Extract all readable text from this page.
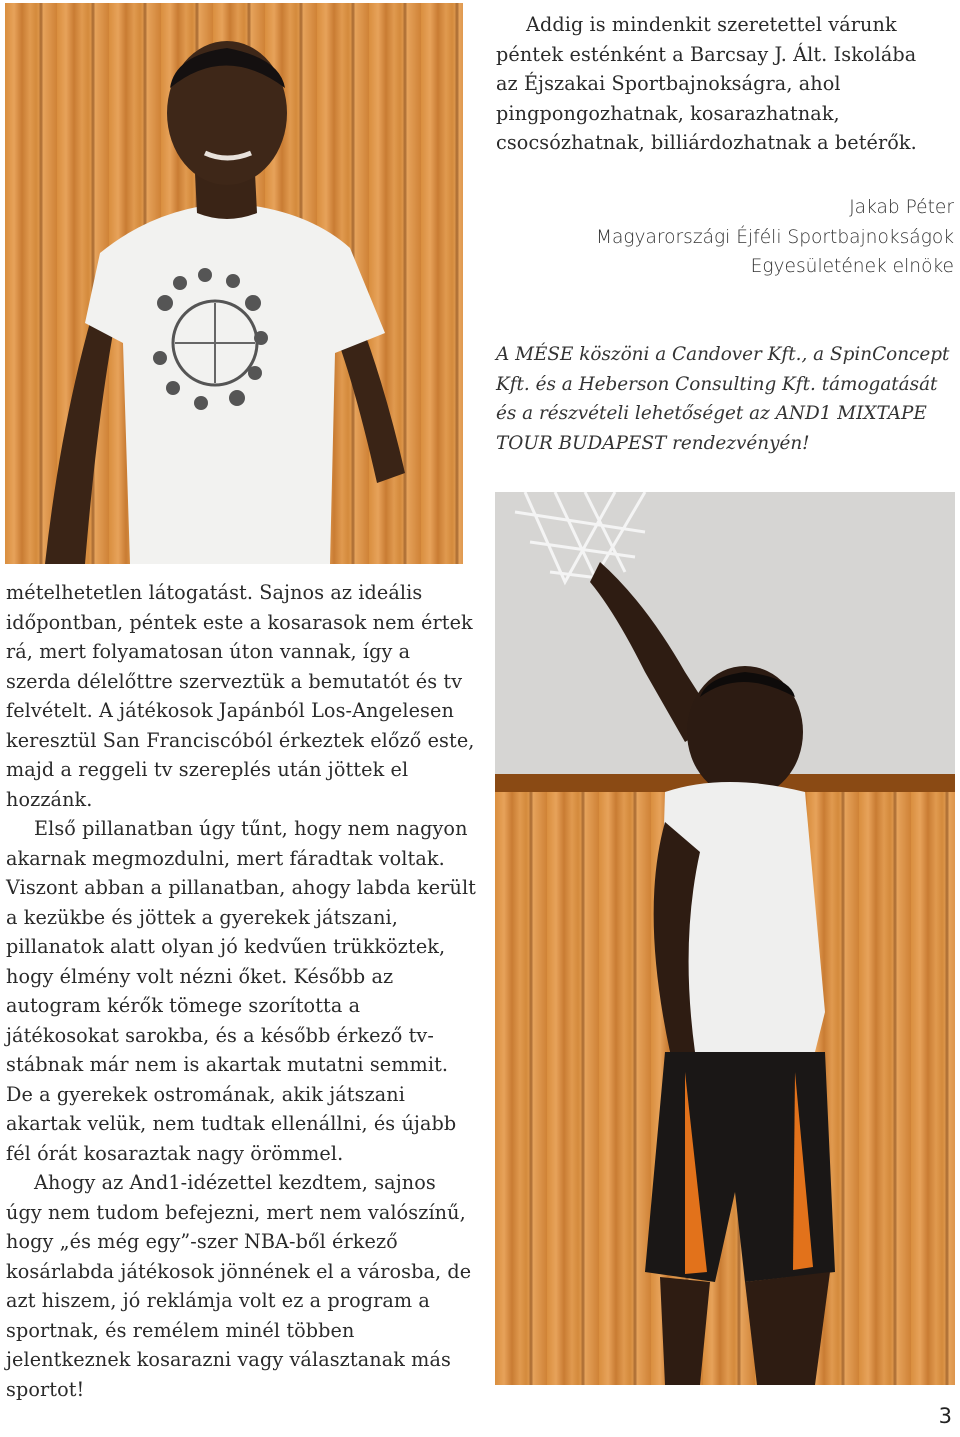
Addig is mindenkit szeretettel várunk péntek esténként a Barcsay J. Ált. Iskolába az Éjszakai Sportbajnokságra, ahol pingpongozhatnak, kosarazhatnak, csocsózhatnak, billiárdozhatnak a betérők.

Jakab Péter
Magyarországi Éjféli Sportbajnokságok
Egyesületének elnöke
A MÉSE köszöni a Candover Kft., a SpinConcept Kft. és a Heberson Consulting Kft. támogatását és a részvételi lehetőséget az AND1 MIXTAPE TOUR BUDAPEST rendezvényén!

mételhetetlen látogatást. Sajnos az ideális időpontban, péntek este a kosarasok nem értek rá, mert folyamatosan úton vannak, így a szerda délelőttre szerveztük a bemutatót és tv felvételt. A játékosok Japánból Los-Angelesen keresztül San Franciscóból érkeztek előző este, majd a reggeli tv szereplés után jöttek el hozzánk.

Első pillanatban úgy tűnt, hogy nem nagyon akarnak megmozdulni, mert fáradtak voltak. Viszont abban a pillanatban, ahogy labda került a kezükbe és jöttek a gyerekek játszani, pillanatok alatt olyan jó kedvűen trükköztek, hogy élmény volt nézni őket. Később az autogram kérők tömege szorította a játékosokat sarokba, és a később érkező tv-stábnak már nem is akartak mutatni semmit. De a gyerekek ostromának, akik játszani akartak velük, nem tudtak ellenállni, és újabb fél órát kosaraztak nagy örömmel.

Ahogy az And1-idézettel kezdtem, sajnos úgy nem tudom befejezni, mert nem valószínű, hogy „és még egy”-szer NBA-ből érkező kosárlabda játékosok jönnének el a városba, de azt hiszem, jó reklámja volt ez a program a sportnak, és remélem minél többen jelentkeznek kosarazni vagy választanak más sportot!

3
